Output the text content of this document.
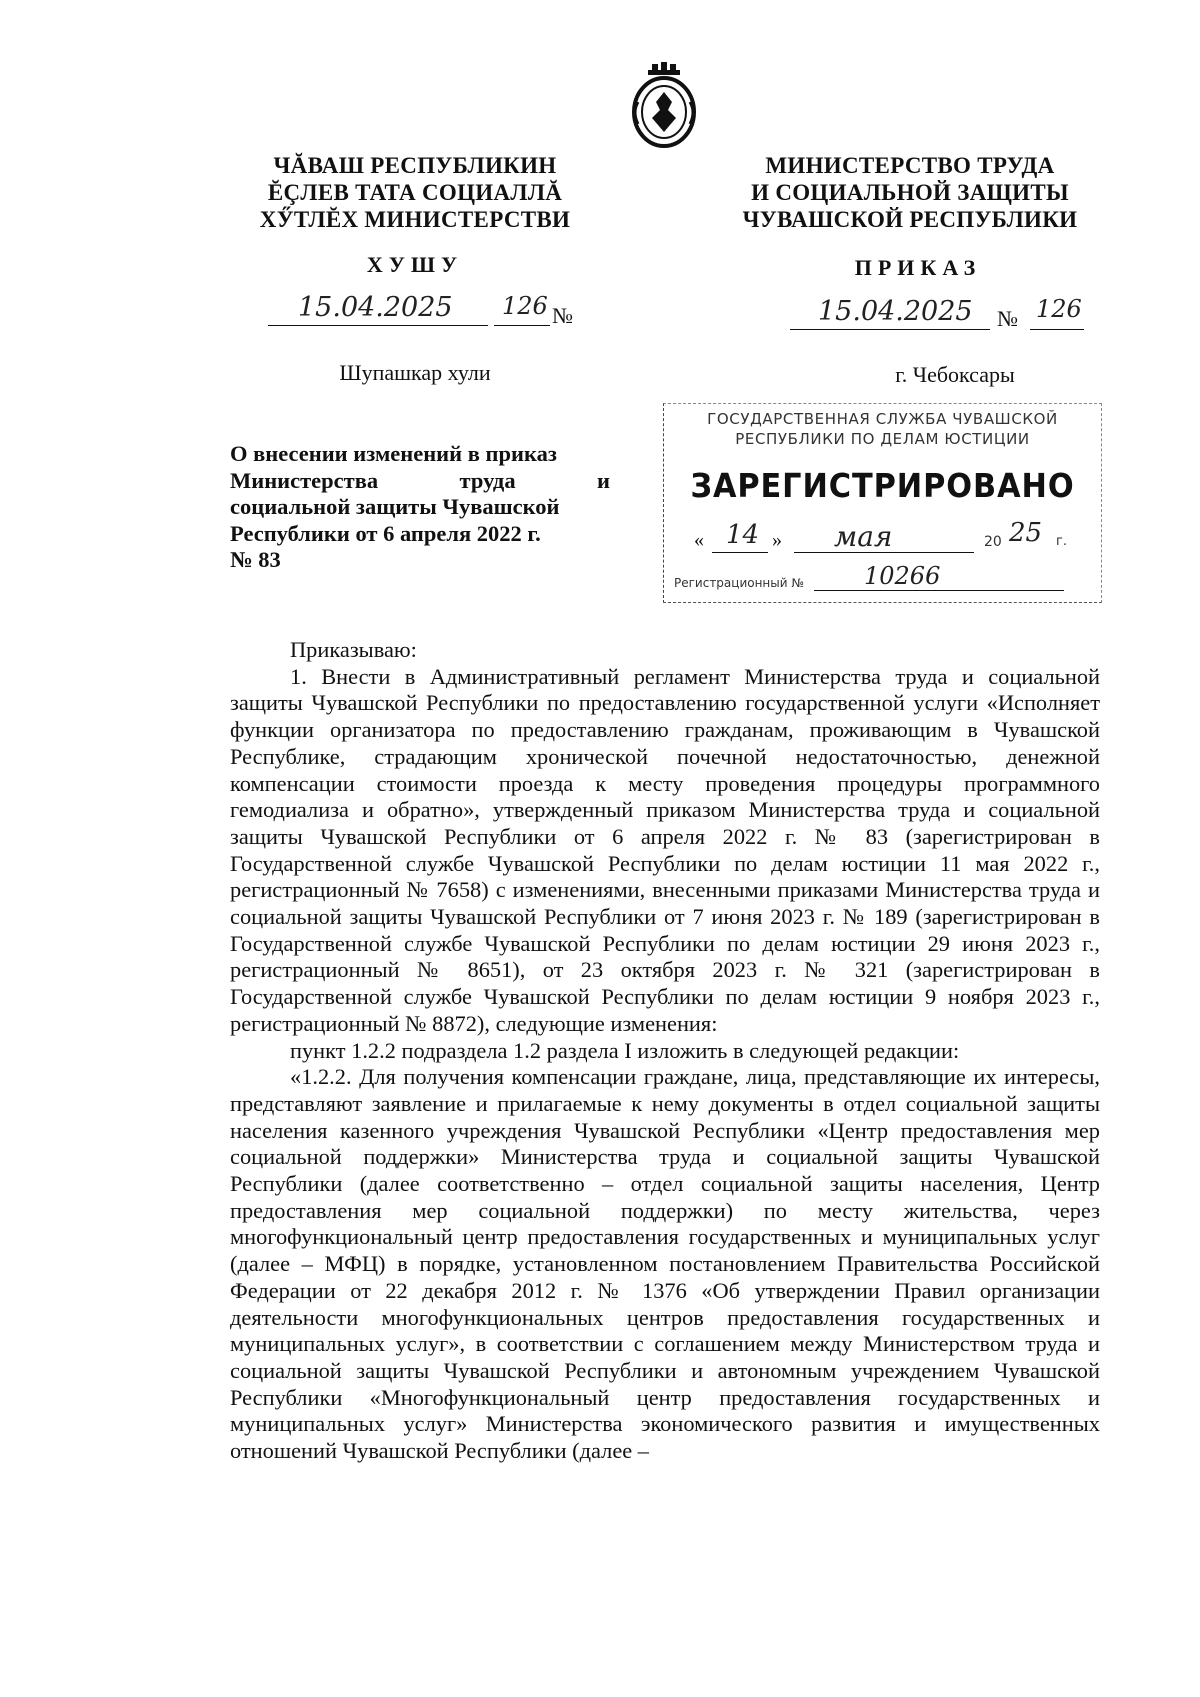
ЧĂВАШ РЕСПУБЛИКИН
ĔÇЛЕВ ТАТА СОЦИАЛЛĂ
ХӲТЛĔХ МИНИСТЕРСТВИ
МИНИСТЕРСТВО ТРУДА
И СОЦИАЛЬНОЙ ЗАЩИТЫ
ЧУВАШСКОЙ РЕСПУБЛИКИ
ХУШУ	ПРИКАЗ
15.04.2025 126 №	15.04.2025 № 126
Шупашкар хули	г. Чебоксары
О внесении изменений в приказ
Министерства труда и
социальной защиты Чувашской
Республики от 6 апреля 2022 г.
№ 83
ГОСУДАРСТВЕННАЯ СЛУЖБА ЧУВАШСКОЙ
РЕСПУБЛИКИ ПО ДЕЛАМ ЮСТИЦИИ
ЗАРЕГИСТРИРОВАНО
« 14 » мая	20 25 г.
Регистрационный №	10266

Приказываю:

1. Внести в Административный регламент Министерства труда и социальной защиты Чувашской Республики по предоставлению государственной услуги «Исполняет функции организатора по предоставлению гражданам, проживающим в Чувашской Республике, страдающим хронической почечной недостаточностью, денежной компенсации стоимости проезда к месту проведения процедуры программного гемодиализа и обратно», утвержденный приказом Министерства труда и социальной защиты Чувашской Республики от 6 апреля 2022 г. № 83 (зарегистрирован в Государственной службе Чувашской Республики по делам юстиции 11 мая 2022 г., регистрационный № 7658) с изменениями, внесенными приказами Министерства труда и социальной защиты Чувашской Республики от 7 июня 2023 г. № 189 (зарегистрирован в Государственной службе Чувашской Республики по делам юстиции 29 июня 2023 г., регистрационный № 8651), от 23 октября 2023 г. № 321 (зарегистрирован в Государственной службе Чувашской Республики по делам юстиции 9 ноября 2023 г., регистрационный № 8872), следующие изменения:

пункт 1.2.2 подраздела 1.2 раздела I изложить в следующей редакции:

«1.2.2. Для получения компенсации граждане, лица, представляющие их интересы, представляют заявление и прилагаемые к нему документы в отдел социальной защиты населения казенного учреждения Чувашской Республики «Центр предоставления мер социальной поддержки» Министерства труда и социальной защиты Чувашской Республики (далее соответственно – отдел социальной защиты населения, Центр предоставления мер социальной поддержки) по месту жительства, через многофункциональный центр предоставления государственных и муниципальных услуг (далее – МФЦ) в порядке, установленном постановлением Правительства Российской Федерации от 22 декабря 2012 г. № 1376 «Об утверждении Правил организации деятельности многофункциональных центров предоставления государственных и муниципальных услуг», в соответствии с соглашением между Министерством труда и социальной защиты Чувашской Республики и автономным учреждением Чувашской Республики «Многофункциональный центр предоставления государственных и муниципальных услуг» Министерства экономического развития и имущественных отношений Чувашской Республики (далее –
